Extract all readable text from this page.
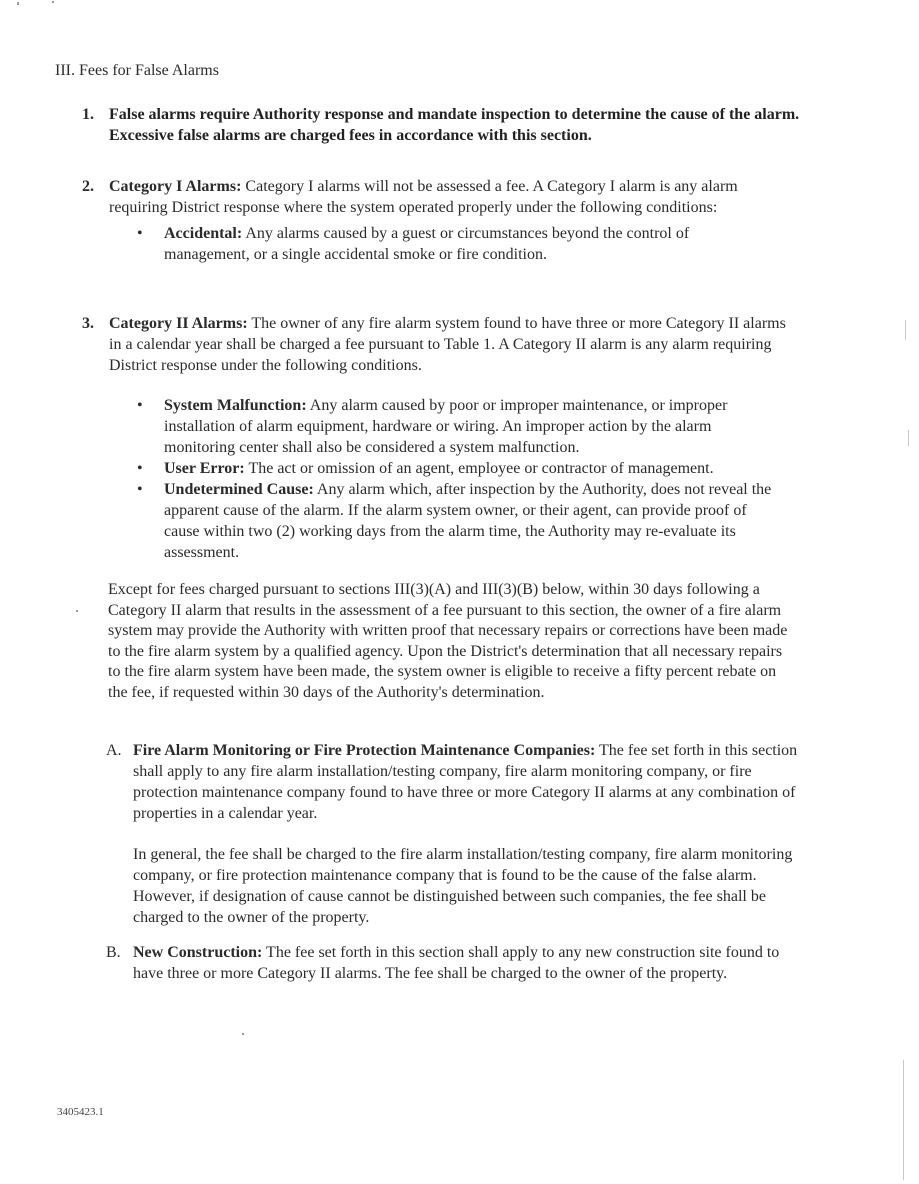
III. Fees for False Alarms
1. False alarms require Authority response and mandate inspection to determine the cause of the alarm. Excessive false alarms are charged fees in accordance with this section.
2. Category I Alarms: Category I alarms will not be assessed a fee. A Category I alarm is any alarm requiring District response where the system operated properly under the following conditions:
• Accidental: Any alarms caused by a guest or circumstances beyond the control of management, or a single accidental smoke or fire condition.
3. Category II Alarms: The owner of any fire alarm system found to have three or more Category II alarms in a calendar year shall be charged a fee pursuant to Table 1. A Category II alarm is any alarm requiring District response under the following conditions.
• System Malfunction: Any alarm caused by poor or improper maintenance, or improper installation of alarm equipment, hardware or wiring. An improper action by the alarm monitoring center shall also be considered a system malfunction.
• User Error: The act or omission of an agent, employee or contractor of management.
• Undetermined Cause: Any alarm which, after inspection by the Authority, does not reveal the apparent cause of the alarm. If the alarm system owner, or their agent, can provide proof of cause within two (2) working days from the alarm time, the Authority may re-evaluate its assessment.
Except for fees charged pursuant to sections III(3)(A) and III(3)(B) below, within 30 days following a Category II alarm that results in the assessment of a fee pursuant to this section, the owner of a fire alarm system may provide the Authority with written proof that necessary repairs or corrections have been made to the fire alarm system by a qualified agency. Upon the District's determination that all necessary repairs to the fire alarm system have been made, the system owner is eligible to receive a fifty percent rebate on the fee, if requested within 30 days of the Authority's determination.
A. Fire Alarm Monitoring or Fire Protection Maintenance Companies: The fee set forth in this section shall apply to any fire alarm installation/testing company, fire alarm monitoring company, or fire protection maintenance company found to have three or more Category II alarms at any combination of properties in a calendar year.
In general, the fee shall be charged to the fire alarm installation/testing company, fire alarm monitoring company, or fire protection maintenance company that is found to be the cause of the false alarm. However, if designation of cause cannot be distinguished between such companies, the fee shall be charged to the owner of the property.
B. New Construction: The fee set forth in this section shall apply to any new construction site found to have three or more Category II alarms. The fee shall be charged to the owner of the property.
3405423.1
